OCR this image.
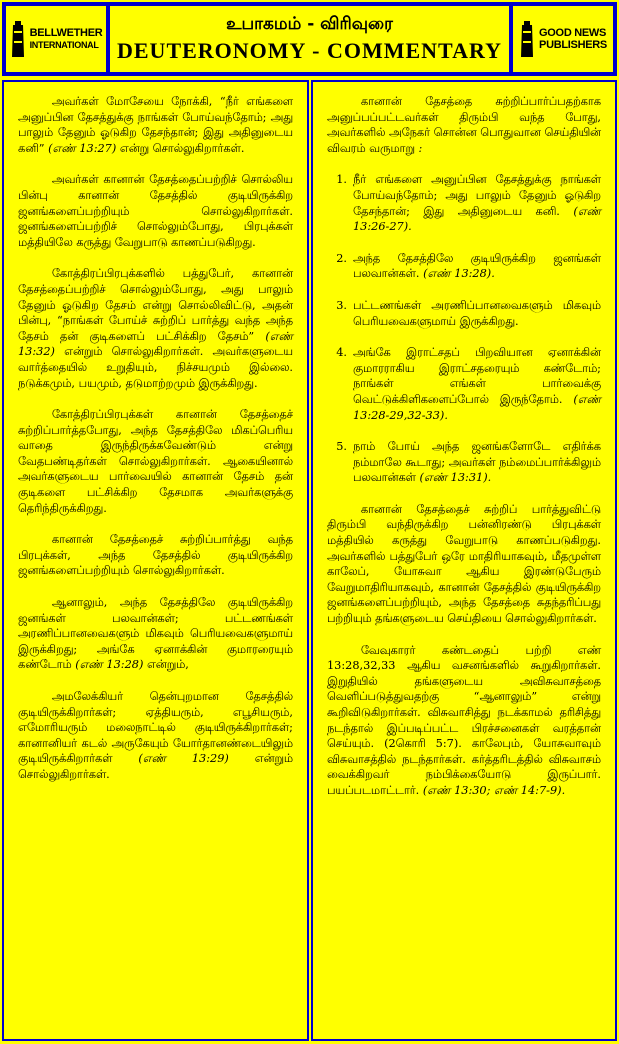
BELLWETHER
INTERNATIONAL
உபாகமம் - விரிவுரை
DEUTERONOMY - COMMENTARY
GOOD NEWS
PUBLISHERS

அவர்கள் மோசேயை நோக்கி, “நீர் எங்களை அனுப்பின தேசத்துக்கு நாங்கள் போய்வந்தோம்; அது பாலும் தேனும் ஓடுகிற தேசந்தான்; இது அதினுடைய கனி” (எண் 13:27) என்று சொல்லுகிறார்கள்.

அவர்கள் கானான் தேசத்தைப்பற்றிச் சொல்லிய பின்பு கானான் தேசத்தில் குடியிருக்கிற ஜனங்களைப்பற்றியும் சொல்லுகிறார்கள். ஜனங்களைப்பற்றிச் சொல்லும்போது, பிரபுக்கள் மத்தியிலே கருத்து வேறுபாடு காணப்படுகிறது.

கோத்திரப்பிரபுக்களில் பத்துபேர், கானான் தேசத்தைப்பற்றிச் சொல்லும்போது, அது பாலும் தேனும் ஓடுகிற தேசம் என்று சொல்லிவிட்டு, அதன் பின்பு, “நாங்கள் போய்ச் சுற்றிப் பார்த்து வந்த அந்த தேசம் தன் குடிகளைப் பட்சிக்கிற தேசம்” (எண் 13:32) என்றும் சொல்லுகிறார்கள். அவர்களுடைய வார்த்தையில் உறுதியும், நிச்சயமும் இல்லை. நடுக்கமும், பயமும், தடுமாற்றமும் இருக்கிறது.

கோத்திரப்பிரபுக்கள் கானான் தேசத்தைச் சுற்றிப்பார்த்தபோது, அந்த தேசத்திலே மிகப்பெரிய வாதை இருந்திருக்கவேண்டும் என்று வேதபண்டிதர்கள் சொல்லுகிறார்கள். ஆகையினால் அவர்களுடைய பார்வையில் கானான் தேசம் தன் குடிகளை பட்சிக்கிற தேசமாக அவர்களுக்கு தெரிந்திருக்கிறது.

கானான் தேசத்தைச் சுற்றிப்பார்த்து வந்த பிரபுக்கள், அந்த தேசத்தில் குடியிருக்கிற ஜனங்களைப்பற்றியும் சொல்லுகிறார்கள்.

ஆனாலும், அந்த தேசத்திலே குடியிருக்கிற ஜனங்கள் பலவான்கள்; பட்டணங்கள் அரணிப்பானவைகளும் மிகவும் பெரியவைகளுமாய் இருக்கிறது; அங்கே ஏனாக்கின் குமாரரையும் கண்டோம் (எண் 13:28) என்றும்,

அமலேக்கியர் தென்புறமான தேசத்தில் குடியிருக்கிறார்கள்; ஏத்தியரும், எபூசியரும், எமோரியரும் மலைநாட்டில் குடியிருக்கிறார்கள்; கானானியர் கடல் அருகேயும் யோர்தானண்டையிலும் குடியிருக்கிறார்கள் (எண் 13:29) என்றும் சொல்லுகிறார்கள்.

கானான் தேசத்தை சுற்றிப்பார்ப்பதற்காக அனுப்பப்பட்டவர்கள் திரும்பி வந்த போது, அவர்களில் அநேகர் சொன்ன பொதுவான செய்தியின் விவரம் வருமாறு :

1. நீர் எங்களை அனுப்பின தேசத்துக்கு நாங்கள் போய்வந்தோம்; அது பாலும் தேனும் ஓடுகிற தேசந்தான்; இது அதினுடைய கனி. (எண் 13:26-27).
2. அந்த தேசத்திலே குடியிருக்கிற ஜனங்கள் பலவான்கள். (எண் 13:28).
3. பட்டணங்கள் அரணிப்பானவைகளும் மிகவும் பெரியவைகளுமாய் இருக்கிறது.
4. அங்கே இராட்சதப் பிறவியான ஏனாக்கின் குமாரராகிய இராட்சதரையும் கண்டோம்; நாங்கள் எங்கள் பார்வைக்கு வெட்டுக்கிளிகளைப்போல் இருந்தோம். (எண் 13:28-29,32-33).
5. நாம் போய் அந்த ஜனங்களோடே எதிர்க்க நம்மாலே கூடாது; அவர்கள் நம்மைப்பார்க்கிலும் பலவான்கள் (எண் 13:31).

கானான் தேசத்தைச் சுற்றிப் பார்த்துவிட்டு திரும்பி வந்திருக்கிற பன்னிரண்டு பிரபுக்கள் மத்தியில் கருத்து வேறுபாடு காணப்படுகிறது. அவர்களில் பத்துபேர் ஒரே மாதிரியாகவும், மீதமுள்ள காலேப், யோசுவா ஆகிய இரண்டுபேரும் வேறுமாதிரியாகவும், கானான் தேசத்தில் குடியிருக்கிற ஜனங்களைப்பற்றியும், அந்த தேசத்தை சுதந்தரிப்பது பற்றியும் தங்களுடைய செய்தியை சொல்லுகிறார்கள்.

வேவுகாரர் கண்டதைப் பற்றி எண் 13:28,32,33 ஆகிய வசனங்களில் கூறுகிறார்கள். இறுதியில் தங்களுடைய அவிசுவாசத்தை வெளிப்படுத்துவதற்கு “ஆனாலும்” என்று கூறிவிடுகிறார்கள். விசுவாசித்து நடக்காமல் தரிசித்து நடந்தால் இப்படிப்பட்ட பிரச்சனைகள் வரத்தான் செய்யும். (2கொரி 5:7). காலேபும், யோசுவாவும் விசுவாசத்தில் நடந்தார்கள். கர்த்தரிடத்தில் விசுவாசம் வைக்கிறவர் நம்பிக்கையோடு இருப்பார். பயப்படமாட்டார். (எண் 13:30; எண் 14:7-9).
